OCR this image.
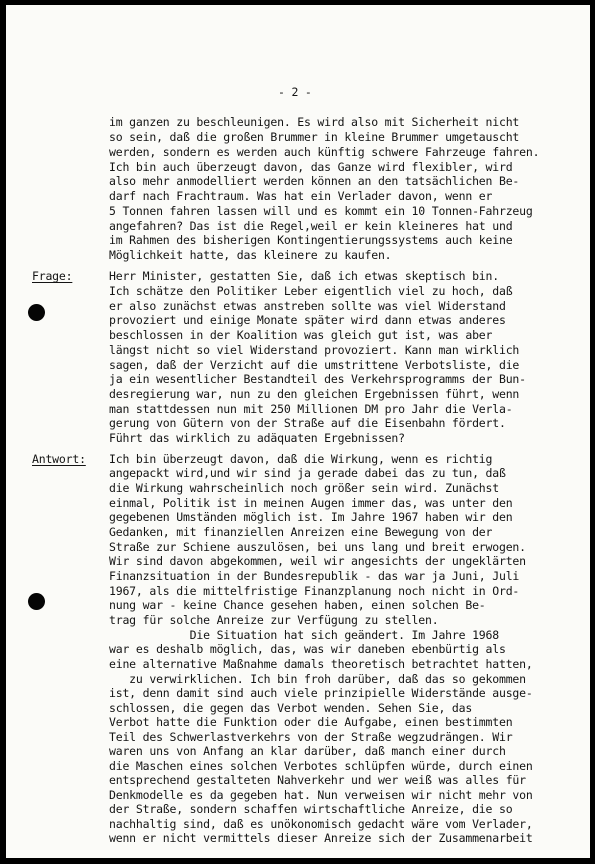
- 2 -
im ganzen zu beschleunigen. Es wird also mit Sicherheit nicht
so sein, daß die großen Brummer in kleine Brummer umgetauscht
werden, sondern es werden auch künftig schwere Fahrzeuge fahren.
Ich bin auch überzeugt davon, das Ganze wird flexibler, wird
also mehr anmodelliert werden können an den tatsächlichen Be-
darf nach Frachtraum. Was hat ein Verlader davon, wenn er
5 Tonnen fahren lassen will und es kommt ein 10 Tonnen-Fahrzeug
angefahren? Das ist die Regel,weil er kein kleineres hat und
im Rahmen des bisherigen Kontingentierungssystems auch keine
Möglichkeit hatte, das kleinere zu kaufen.
Frage:	Herr Minister, gestatten Sie, daß ich etwas skeptisch bin.
Ich schätze den Politiker Leber eigentlich viel zu hoch, daß
er also zunächst etwas anstreben sollte was viel Widerstand
provoziert und einige Monate später wird dann etwas anderes
beschlossen in der Koalition was gleich gut ist, was aber
längst nicht so viel Widerstand provoziert. Kann man wirklich
sagen, daß der Verzicht auf die umstrittene Verbotsliste, die
ja ein wesentlicher Bestandteil des Verkehrsprogramms der Bun-
desregierung war, nun zu den gleichen Ergebnissen führt, wenn
man stattdessen nun mit 250 Millionen DM pro Jahr die Verla-
gerung von Gütern von der Straße auf die Eisenbahn fördert.
Führt das wirklich zu adäquaten Ergebnissen?
Antwort: Ich bin überzeugt davon, daß die Wirkung, wenn es richtig
angepackt wird,und wir sind ja gerade dabei das zu tun, daß
die Wirkung wahrscheinlich noch größer sein wird. Zunächst
einmal, Politik ist in meinen Augen immer das, was unter den
gegebenen Umständen möglich ist. Im Jahre 1967 haben wir den
Gedanken, mit finanziellen Anreizen eine Bewegung von der
Straße zur Schiene auszulösen, bei uns lang und breit erwogen.
Wir sind davon abgekommen, weil wir angesichts der ungeklärten
Finanzsituation in der Bundesrepublik - das war ja Juni, Juli
1967, als die mittelfristige Finanzplanung noch nicht in Ord-
nung war - keine Chance gesehen haben, einen solchen Be-
trag für solche Anreize zur Verfügung zu stellen.
Die Situation hat sich geändert. Im Jahre 1968
war es deshalb möglich, das, was wir daneben ebenbürtig als
eine alternative Maßnahme damals theoretisch betrachtet hatten,
zu verwirklichen. Ich bin froh darüber, daß das so gekommen
ist, denn damit sind auch viele prinzipielle Widerstände ausge-
schlossen, die gegen das Verbot wenden. Sehen Sie, das
Verbot hatte die Funktion oder die Aufgabe, einen bestimmten
Teil des Schwerlastverkehrs von der Straße wegzudrängen. Wir
waren uns von Anfang an klar darüber, daß manch einer durch
die Maschen eines solchen Verbotes schlüpfen würde, durch einen
entsprechend gestalteten Nahverkehr und wer weiß was alles für
Denkmodelle es da gegeben hat. Nun verweisen wir nicht mehr von
der Straße, sondern schaffen wirtschaftliche Anreize, die so
nachhaltig sind, daß es unökonomisch gedacht wäre vom Verlader,
wenn er nicht vermittels dieser Anreize sich der Zusammenarbeit
